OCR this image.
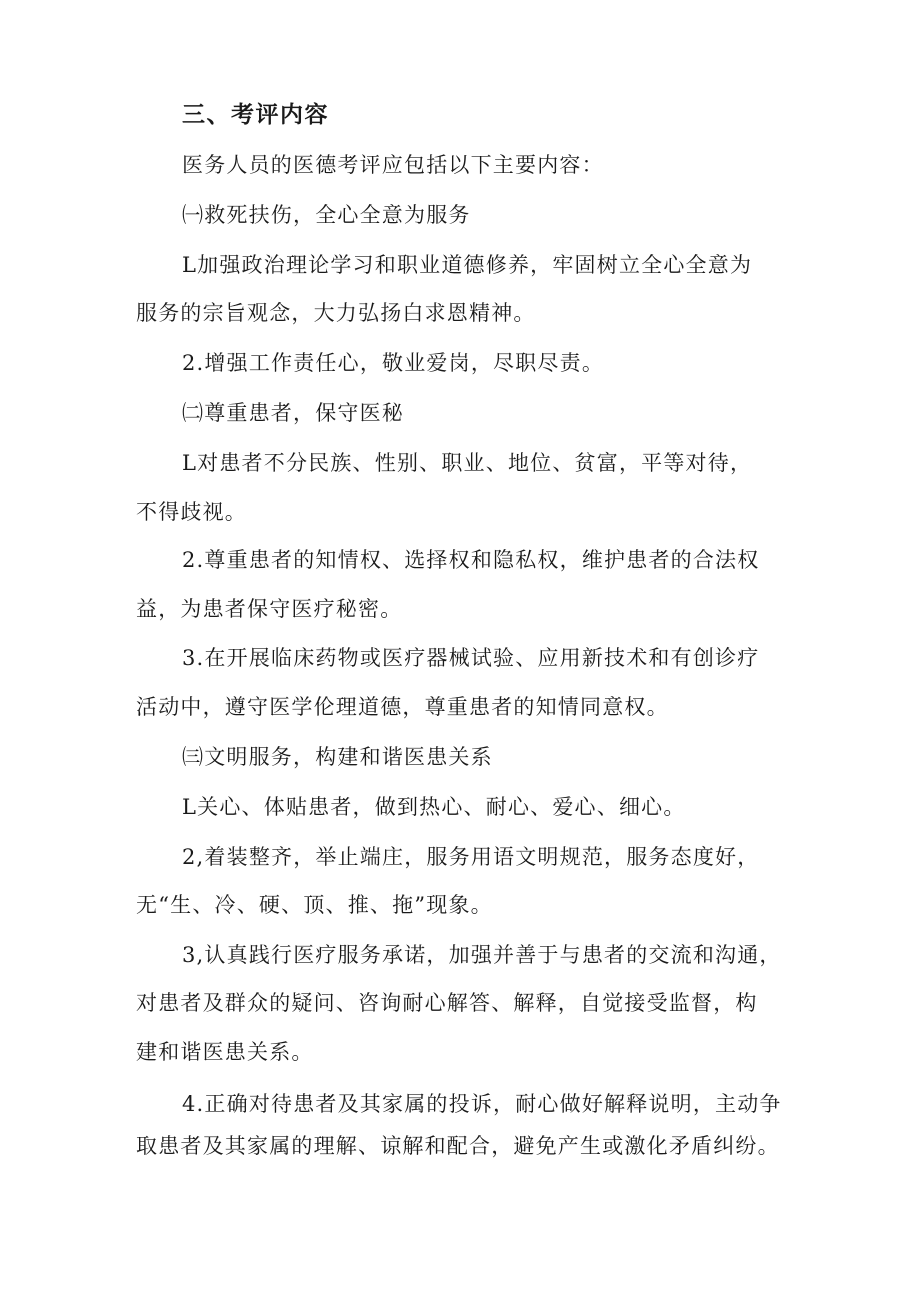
三、考评内容
医务人员的医德考评应包括以下主要内容：
㈠救死扶伤，全心全意为服务
L加强政治理论学习和职业道德修养，牢固树立全心全意为
服务的宗旨观念，大力弘扬白求恩精神。
2.增强工作责任心，敬业爱岗，尽职尽责。
㈡尊重患者，保守医秘
L对患者不分民族、性别、职业、地位、贫富，平等对待，
不得歧视。
2.尊重患者的知情权、选择权和隐私权，维护患者的合法权
益，为患者保守医疗秘密。
3.在开展临床药物或医疗器械试验、应用新技术和有创诊疗
活动中，遵守医学伦理道德，尊重患者的知情同意权。
㈢文明服务，构建和谐医患关系
L关心、体贴患者，做到热心、耐心、爱心、细心。
2,着装整齐，举止端庄，服务用语文明规范，服务态度好，
无“生、冷、硬、顶、推、拖”现象。
3,认真践行医疗服务承诺，加强并善于与患者的交流和沟通，
对患者及群众的疑问、咨询耐心解答、解释，自觉接受监督，构
建和谐医患关系。
4.正确对待患者及其家属的投诉，耐心做好解释说明，主动争
取患者及其家属的理解、谅解和配合，避免产生或激化矛盾纠纷。
